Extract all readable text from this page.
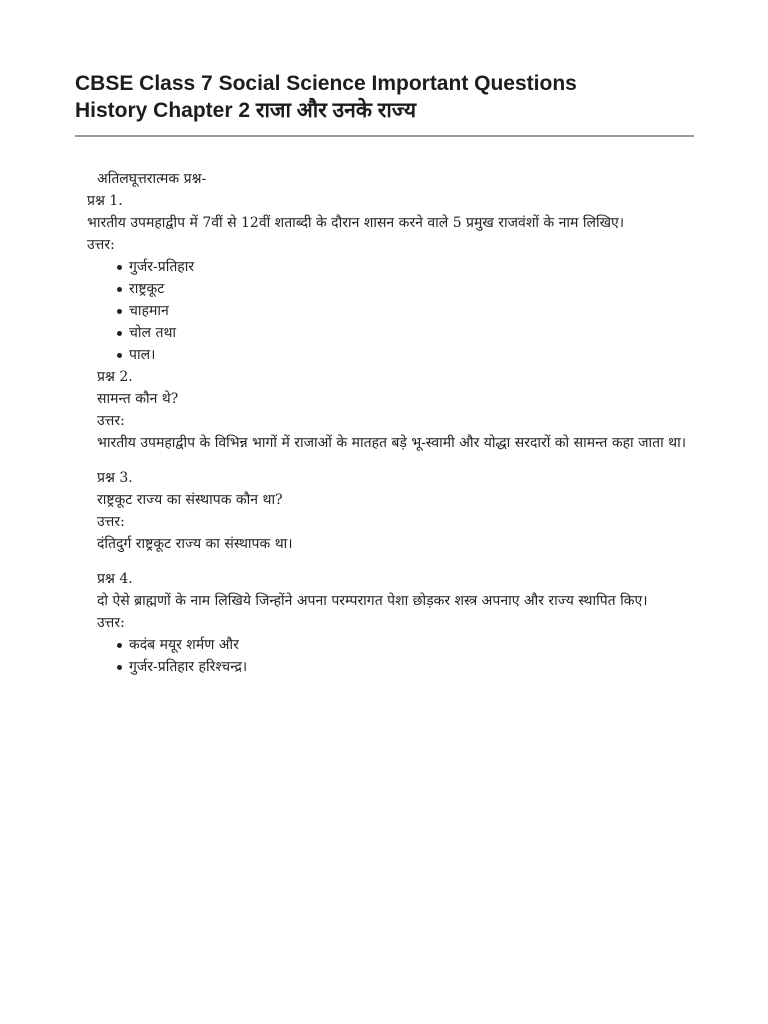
CBSE Class 7 Social Science Important Questions
History Chapter 2 राजा और उनके राज्य

अतिलघूत्तरात्मक प्रश्न-

प्रश्न 1.

भारतीय उपमहाद्वीप में 7वीं से 12वीं शताब्दी के दौरान शासन करने वाले 5 प्रमुख राजवंशों के नाम लिखिए।

उत्तर:

गुर्जर-प्रतिहार
राष्ट्रकूट
चाहमान
चोल तथा
पाल।

प्रश्न 2.

सामन्त कौन थे?

उत्तर:

भारतीय उपमहाद्वीप के विभिन्न भागों में राजाओं के मातहत बड़े भू-स्वामी और योद्धा सरदारों को सामन्त कहा जाता था।

प्रश्न 3.

राष्ट्रकूट राज्य का संस्थापक कौन था?

उत्तर:

दंतिदुर्ग राष्ट्रकूट राज्य का संस्थापक था।

प्रश्न 4.

दो ऐसे ब्राह्मणों के नाम लिखिये जिन्होंने अपना परम्परागत पेशा छोड़कर शस्त्र अपनाए और राज्य स्थापित किए।

उत्तर:

कदंब मयूर शर्मण और
गुर्जर-प्रतिहार हरिश्चन्द्र।
